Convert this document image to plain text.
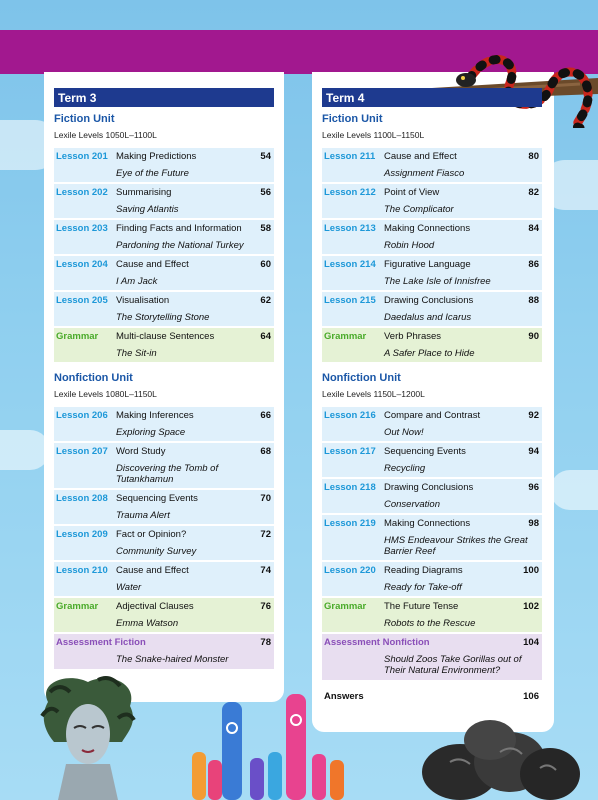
Term 3
Fiction Unit
Lexile Levels 1050L–1100L
Lesson 201 Making Predictions
Eye of the Future
54
Lesson 202 Summarising
Saving Atlantis
56
Lesson 203 Finding Facts and Information
Pardoning the National Turkey
58
Lesson 204 Cause and Effect
I Am Jack
60
Lesson 205 Visualisation
The Storytelling Stone
62
Grammar Multi-clause Sentences
The Sit-in
64
Nonfiction Unit
Lexile Levels 1080L–1150L
Lesson 206 Making Inferences
Exploring Space
66
Lesson 207 Word Study
Discovering the Tomb of Tutankhamun
68
Lesson 208 Sequencing Events
Trauma Alert
70
Lesson 209 Fact or Opinion?
Community Survey
72
Lesson 210 Cause and Effect
Water
74
Grammar Adjectival Clauses
Emma Watson
76
Assessment Fiction
The Snake-haired Monster
78
Term 4
Fiction Unit
Lexile Levels 1100L–1150L
Lesson 211 Cause and Effect
Assignment Fiasco
80
Lesson 212 Point of View
The Complicator
82
Lesson 213 Making Connections
Robin Hood
84
Lesson 214 Figurative Language
The Lake Isle of Innisfree
86
Lesson 215 Drawing Conclusions
Daedalus and Icarus
88
Grammar Verb Phrases
A Safer Place to Hide
90
Nonfiction Unit
Lexile Levels 1150L–1200L
Lesson 216 Compare and Contrast
Out Now!
92
Lesson 217 Sequencing Events
Recycling
94
Lesson 218 Drawing Conclusions
Conservation
96
Lesson 219 Making Connections
HMS Endeavour Strikes the Great Barrier Reef
98
Lesson 220 Reading Diagrams
Ready for Take-off
100
Grammar The Future Tense
Robots to the Rescue
102
Assessment Nonfiction
Should Zoos Take Gorillas out of Their Natural Environment?
104
Answers	106
